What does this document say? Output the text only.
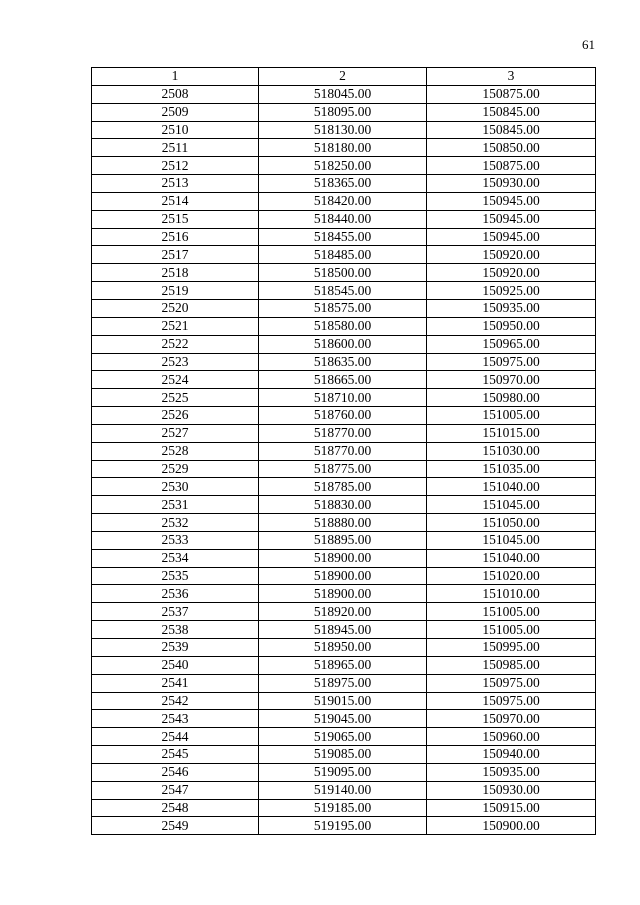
61
1	2	3
2508	518045.00	150875.00
2509	518095.00	150845.00
2510	518130.00	150845.00
2511	518180.00	150850.00
2512	518250.00	150875.00
2513	518365.00	150930.00
2514	518420.00	150945.00
2515	518440.00	150945.00
2516	518455.00	150945.00
2517	518485.00	150920.00
2518	518500.00	150920.00
2519	518545.00	150925.00
2520	518575.00	150935.00
2521	518580.00	150950.00
2522	518600.00	150965.00
2523	518635.00	150975.00
2524	518665.00	150970.00
2525	518710.00	150980.00
2526	518760.00	151005.00
2527	518770.00	151015.00
2528	518770.00	151030.00
2529	518775.00	151035.00
2530	518785.00	151040.00
2531	518830.00	151045.00
2532	518880.00	151050.00
2533	518895.00	151045.00
2534	518900.00	151040.00
2535	518900.00	151020.00
2536	518900.00	151010.00
2537	518920.00	151005.00
2538	518945.00	151005.00
2539	518950.00	150995.00
2540	518965.00	150985.00
2541	518975.00	150975.00
2542	519015.00	150975.00
2543	519045.00	150970.00
2544	519065.00	150960.00
2545	519085.00	150940.00
2546	519095.00	150935.00
2547	519140.00	150930.00
2548	519185.00	150915.00
2549	519195.00	150900.00
